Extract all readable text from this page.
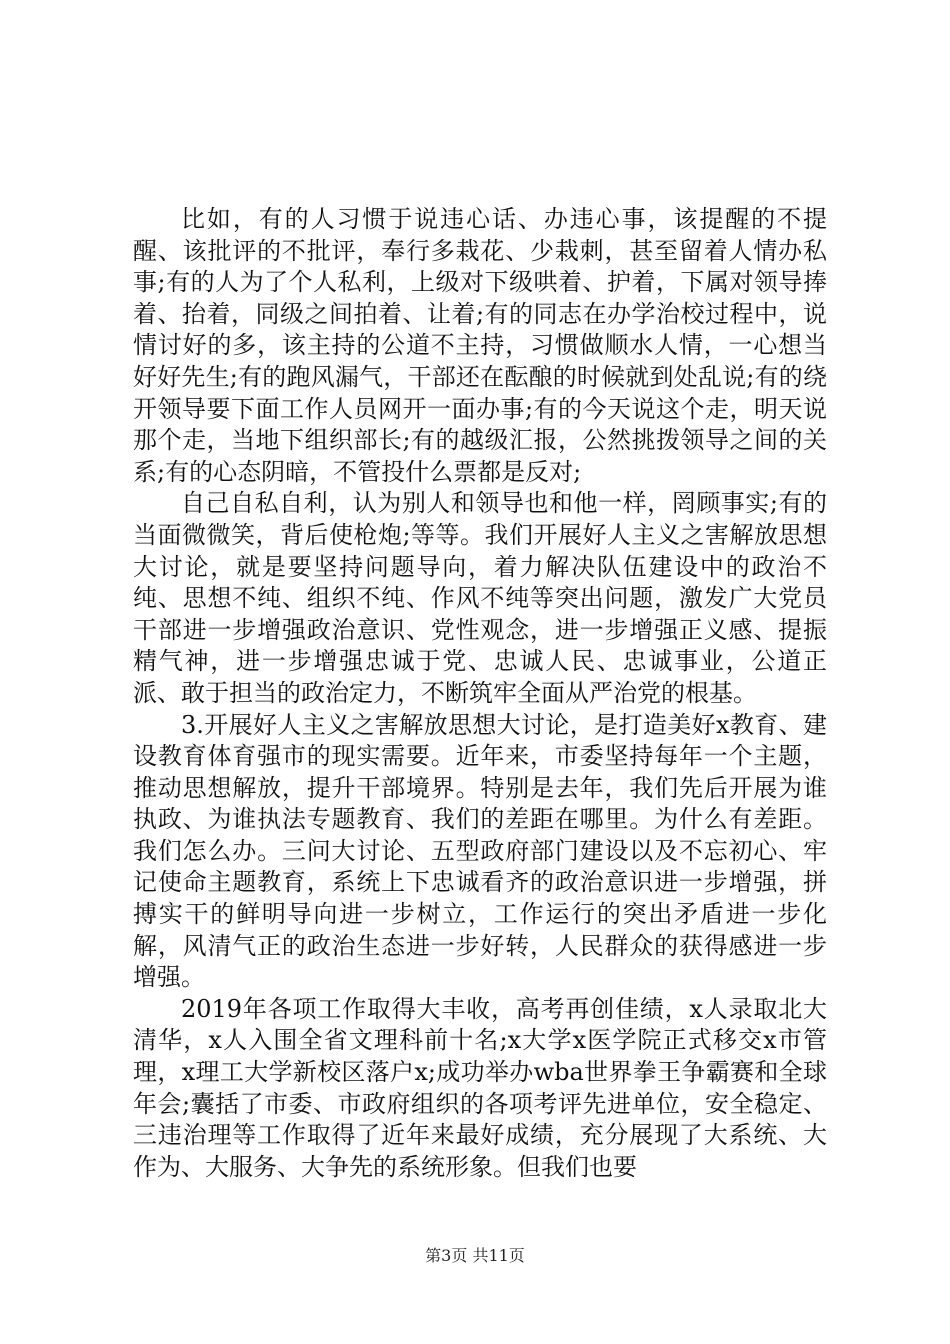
比如，有的人习惯于说违心话、办违心事，该提醒的不提醒、该批评的不批评，奉行多栽花、少栽刺，甚至留着人情办私事;有的人为了个人私利，上级对下级哄着、护着，下属对领导捧着、抬着，同级之间拍着、让着;有的同志在办学治校过程中，说情讨好的多，该主持的公道不主持，习惯做顺水人情，一心想当好好先生;有的跑风漏气，干部还在酝酿的时候就到处乱说;有的绕开领导要下面工作人员网开一面办事;有的今天说这个走，明天说那个走，当地下组织部长;有的越级汇报，公然挑拨领导之间的关系;有的心态阴暗，不管投什么票都是反对;

自己自私自利，认为别人和领导也和他一样，罔顾事实;有的当面微微笑，背后使枪炮;等等。我们开展好人主义之害解放思想大讨论，就是要坚持问题导向，着力解决队伍建设中的政治不纯、思想不纯、组织不纯、作风不纯等突出问题，激发广大党员干部进一步增强政治意识、党性观念，进一步增强正义感、提振精气神，进一步增强忠诚于党、忠诚人民、忠诚事业，公道正派、敢于担当的政治定力，不断筑牢全面从严治党的根基。

3.开展好人主义之害解放思想大讨论，是打造美好x教育、建设教育体育强市的现实需要。近年来，市委坚持每年一个主题，推动思想解放，提升干部境界。特别是去年，我们先后开展为谁执政、为谁执法专题教育、我们的差距在哪里。为什么有差距。我们怎么办。三问大讨论、五型政府部门建设以及不忘初心、牢记使命主题教育，系统上下忠诚看齐的政治意识进一步增强，拼搏实干的鲜明导向进一步树立，工作运行的突出矛盾进一步化解，风清气正的政治生态进一步好转，人民群众的获得感进一步增强。

2019年各项工作取得大丰收，高考再创佳绩，x人录取北大清华，x人入围全省文理科前十名;x大学x医学院正式移交x市管理，x理工大学新校区落户x;成功举办wba世界拳王争霸赛和全球年会;囊括了市委、市政府组织的各项考评先进单位，安全稳定、三违治理等工作取得了近年来最好成绩，充分展现了大系统、大作为、大服务、大争先的系统形象。但我们也要

第3页 共11页
